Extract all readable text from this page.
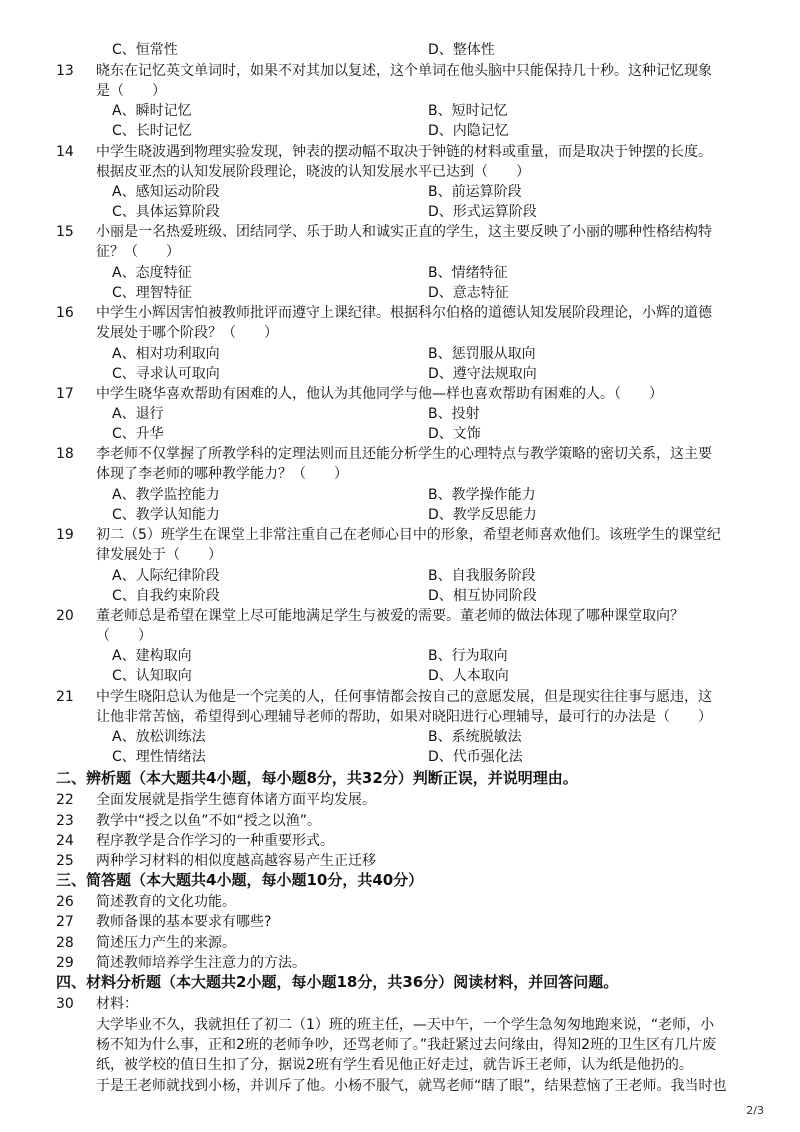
C、恒常性	D、整体性
13	晓东在记忆英文单词时，如果不对其加以复述，这个单词在他头脑中只能保持几十秒。这种记忆现象
是（　　）
A、瞬时记忆	B、短时记忆
C、长时记忆	D、内隐记忆
14	中学生晓波遇到物理实验发现，钟表的摆动幅不取决于钟链的材料或重量，而是取决于钟摆的长度。
根据皮亚杰的认知发展阶段理论，晓波的认知发展水平已达到（　　）
A、感知运动阶段	B、前运算阶段
C、具体运算阶段	D、形式运算阶段
15	小丽是一名热爱班级、团结同学、乐于助人和诚实正直的学生，这主要反映了小丽的哪种性格结构特
征？（　　）
A、态度特征	B、情绪特征
C、理智特征	D、意志特征
16	中学生小辉因害怕被教师批评而遵守上课纪律。根据科尔伯格的道德认知发展阶段理论，小辉的道德
发展处于哪个阶段？（　　）
A、相对功利取向	B、惩罚服从取向
C、寻求认可取向	D、遵守法规取向
17	中学生晓华喜欢帮助有困难的人，他认为其他同学与他—样也喜欢帮助有困难的人。（　　）
A、退行	B、投射
C、升华	D、文饰
18	李老师不仅掌握了所教学科的定理法则而且还能分析学生的心理特点与教学策略的密切关系，这主要
体现了李老师的哪种教学能力？（　　）
A、教学监控能力	B、教学操作能力
C、教学认知能力	D、教学反思能力
19	初二（5）班学生在课堂上非常注重自己在老师心目中的形象，希望老师喜欢他们。该班学生的课堂纪
律发展处于（　　）
A、人际纪律阶段	B、自我服务阶段
C、自我约束阶段	D、相互协同阶段
20	董老师总是希望在课堂上尽可能地满足学生与被爱的需要。董老师的做法体现了哪种课堂取向？
（　　）
A、建构取向	B、行为取向
C、认知取向	D、人本取向
21	中学生晓阳总认为他是一个完美的人，任何事情都会按自己的意愿发展，但是现实往往事与愿违，这
让他非常苦恼，希望得到心理辅导老师的帮助，如果对晓阳进行心理辅导，最可行的办法是（　　）
A、放松训练法	B、系统脱敏法
C、理性情绪法	D、代币强化法
二、辨析题（本大题共4小题，每小题8分，共32分）判断正误，并说明理由。
22	全面发展就是指学生德育体诸方面平均发展。
23	教学中“授之以鱼”不如“授之以渔”。
24	程序教学是合作学习的一种重要形式。
25	两种学习材料的相似度越高越容易产生正迁移
三、简答题（本大题共4小题，每小题10分，共40分）
26	简述教育的文化功能。
27	教师备课的基本要求有哪些?
28	简述压力产生的来源。
29	简述教师培养学生注意力的方法。
四、材料分析题（本大题共2小题，每小题18分，共36分）阅读材料，并回答问题。
30	材料：
大学毕业不久，我就担任了初二（1）班的班主任，—天中午，一个学生急匆匆地跑来说，“老师，小
杨不知为什么事，正和2班的老师争吵，还骂老师了。”我赶紧过去问缘由，得知2班的卫生区有几片废
纸，被学校的值日生扣了分，据说2班有学生看见他正好走过，就告诉王老师，认为纸是他扔的。
于是王老师就找到小杨，并训斥了他。小杨不服气，就骂老师“瞎了眼”，结果惹恼了王老师。我当时也
2/3
